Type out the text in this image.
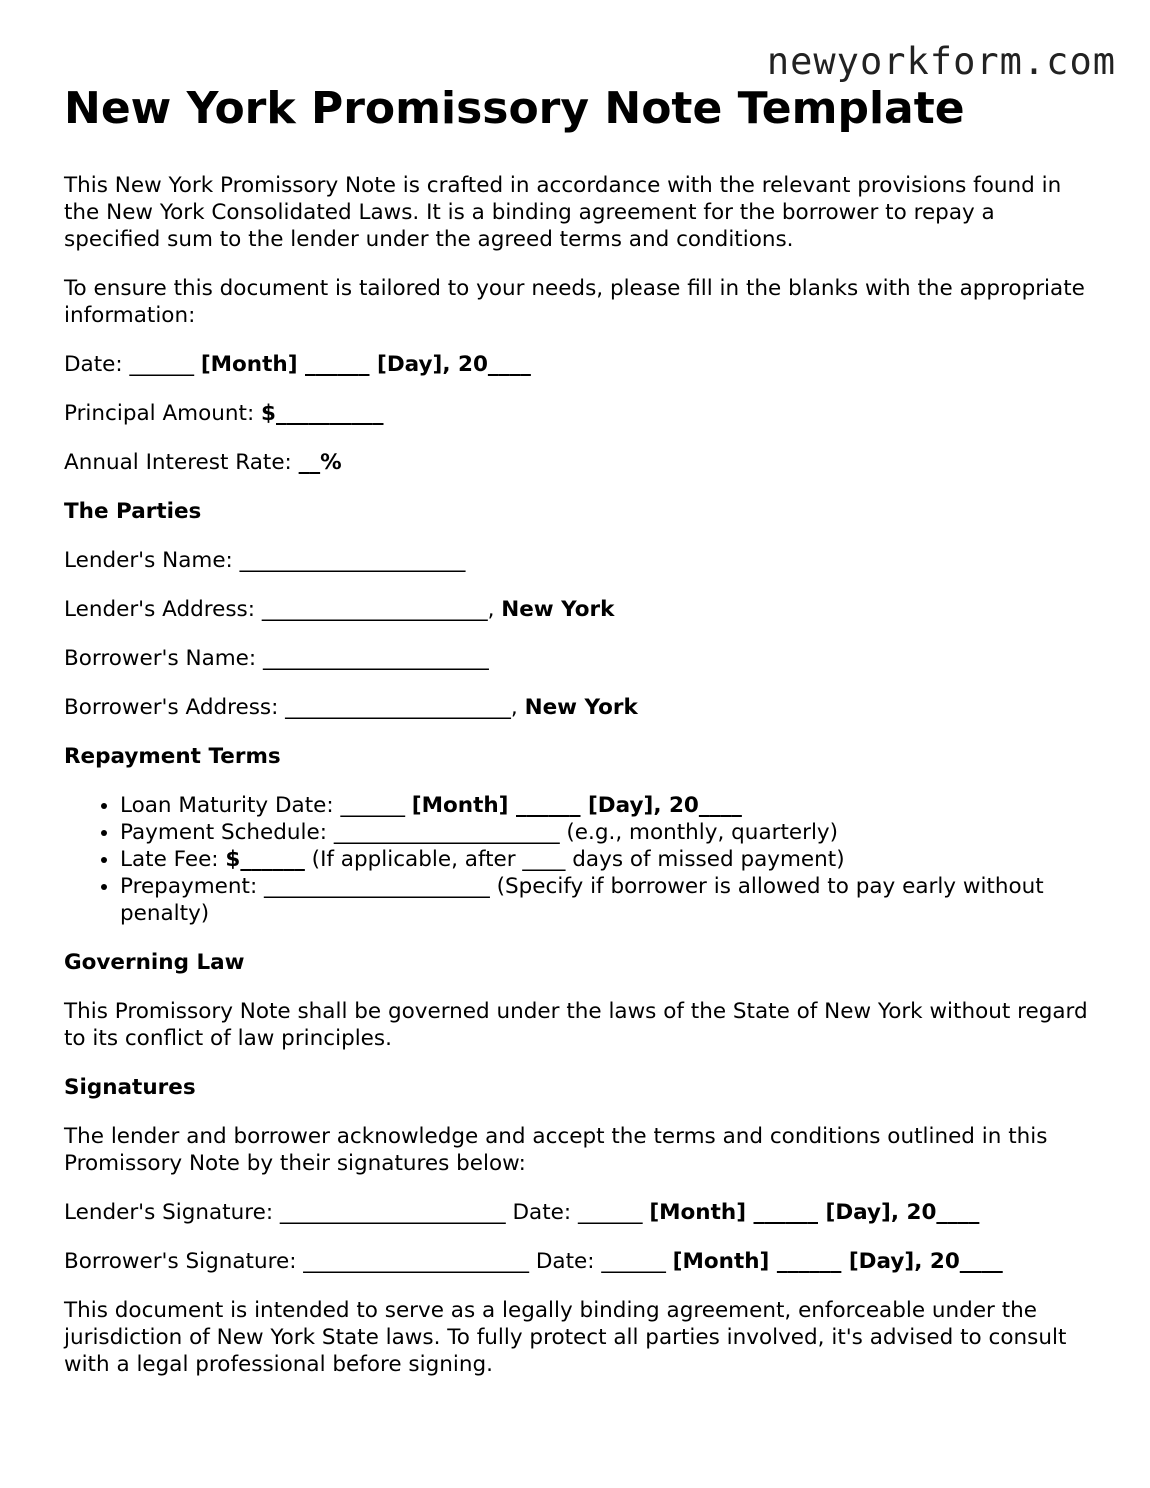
newyorkform.com
New York Promissory Note Template

This New York Promissory Note is crafted in accordance with the relevant provisions found in the New York Consolidated Laws. It is a binding agreement for the borrower to repay a specified sum to the lender under the agreed terms and conditions.

To ensure this document is tailored to your needs, please fill in the blanks with the appropriate information:

Date: ______ [Month] ______ [Day], 20____
Principal Amount: $__________
Annual Interest Rate: __%
The Parties
Lender's Name: _____________________
Lender's Address: _____________________, New York
Borrower's Name: _____________________
Borrower's Address: _____________________, New York
Repayment Terms
• Loan Maturity Date: ______ [Month] ______ [Day], 20____
• Payment Schedule: _____________________ (e.g., monthly, quarterly)
• Late Fee: $______ (If applicable, after ____ days of missed payment)
• Prepayment: _____________________ (Specify if borrower is allowed to pay early without penalty)
Governing Law

This Promissory Note shall be governed under the laws of the State of New York without regard to its conflict of law principles.

Signatures

The lender and borrower acknowledge and accept the terms and conditions outlined in this Promissory Note by their signatures below:

Lender's Signature: _____________________ Date: ______ [Month] ______ [Day], 20____
Borrower's Signature: _____________________ Date: ______ [Month] ______ [Day], 20____

This document is intended to serve as a legally binding agreement, enforceable under the jurisdiction of New York State laws. To fully protect all parties involved, it's advised to consult with a legal professional before signing.
